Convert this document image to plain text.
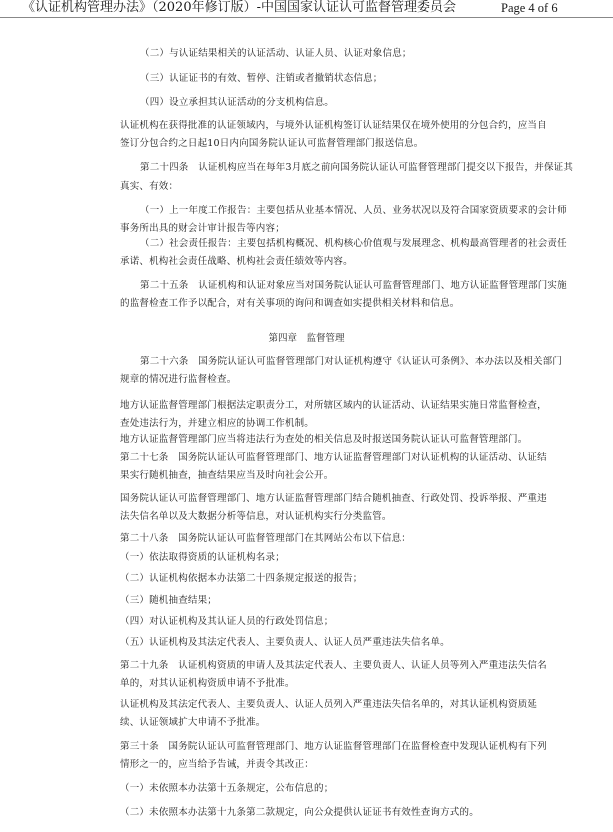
《认证机构管理办法》（2020年修订版）-中国国家认证认可监督管理委员会	Page 4 of 6
（二）与认证结果相关的认证活动、认证人员、认证对象信息；
（三）认证证书的有效、暂停、注销或者撤销状态信息；
（四）设立承担其认证活动的分支机构信息。
认证机构在获得批准的认证领域内，与境外认证机构签订认证结果仅在境外使用的分包合约，应当自
签订分包合约之日起10日内向国务院认证认可监督管理部门报送信息。
第二十四条　认证机构应当在每年3月底之前向国务院认证认可监督管理部门提交以下报告，并保证其
真实、有效：
（一）上一年度工作报告：主要包括从业基本情况、人员、业务状况以及符合国家资质要求的会计师
事务所出具的财会计审计报告等内容；
（二）社会责任报告：主要包括机构概况、机构核心价值观与发展理念、机构最高管理者的社会责任
承诺、机构社会责任战略、机构社会责任绩效等内容。
第二十五条　认证机构和认证对象应当对国务院认证认可监督管理部门、地方认证监督管理部门实施
的监督检查工作予以配合，对有关事项的询问和调查如实提供相关材料和信息。
第四章　监督管理
第二十六条　国务院认证认可监督管理部门对认证机构遵守《认证认可条例》、本办法以及相关部门
规章的情况进行监督检查。
地方认证监督管理部门根据法定职责分工，对所辖区域内的认证活动、认证结果实施日常监督检查，
查处违法行为，并建立相应的协调工作机制。
地方认证监督管理部门应当将违法行为查处的相关信息及时报送国务院认证认可监督管理部门。
第二十七条　国务院认证认可监督管理部门、地方认证监督管理部门对认证机构的认证活动、认证结
果实行随机抽查，抽查结果应当及时向社会公开。
国务院认证认可监督管理部门、地方认证监督管理部门结合随机抽查、行政处罚、投诉举报、严重违
法失信名单以及大数据分析等信息，对认证机构实行分类监管。
第二十八条　国务院认证认可监督管理部门在其网站公布以下信息：
（一）依法取得资质的认证机构名录；
（二）认证机构依据本办法第二十四条规定报送的报告；
（三）随机抽查结果；
（四）对认证机构及其认证人员的行政处罚信息；
（五）认证机构及其法定代表人、主要负责人、认证人员严重违法失信名单。
第二十九条　认证机构资质的申请人及其法定代表人、主要负责人、认证人员等列入严重违法失信名
单的，对其认证机构资质申请不予批准。
认证机构及其法定代表人、主要负责人、认证人员列入严重违法失信名单的，对其认证机构资质延
续、认证领域扩大申请不予批准。
第三十条　国务院认证认可监督管理部门、地方认证监督管理部门在监督检查中发现认证机构有下列
情形之一的，应当给予告诫，并责令其改正：
（一）未依照本办法第十五条规定，公布信息的；
（二）未依照本办法第十九条第二款规定，向公众提供认证证书有效性查询方式的。
